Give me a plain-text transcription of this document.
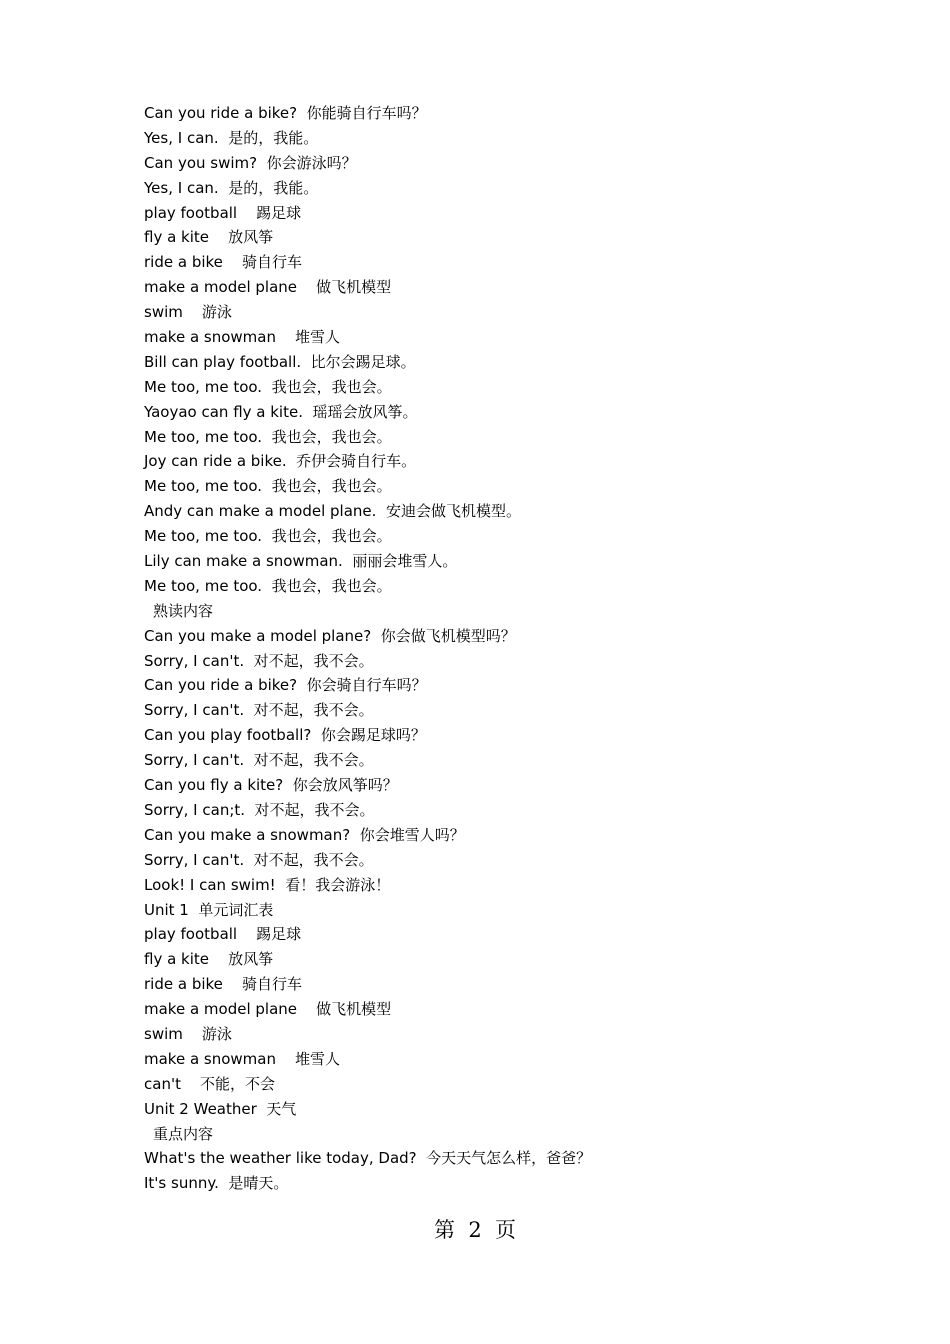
Can you ride a bike?  你能骑自行车吗？
Yes, I can.  是的，我能。
Can you swim?  你会游泳吗？
Yes, I can.  是的，我能。
play football    踢足球
fly a kite    放风筝
ride a bike    骑自行车
make a model plane    做飞机模型
swim    游泳
make a snowman    堆雪人
Bill can play football.  比尔会踢足球。
Me too, me too.  我也会，我也会。
Yaoyao can fly a kite.  瑶瑶会放风筝。
Me too, me too.  我也会，我也会。
Joy can ride a bike.  乔伊会骑自行车。
Me too, me too.  我也会，我也会。
Andy can make a model plane.  安迪会做飞机模型。
Me too, me too.  我也会，我也会。
Lily can make a snowman.  丽丽会堆雪人。
Me too, me too.  我也会，我也会。
熟读内容
Can you make a model plane?  你会做飞机模型吗？
Sorry, I can't.  对不起，我不会。
Can you ride a bike?  你会骑自行车吗？
Sorry, I can't.  对不起，我不会。
Can you play football?  你会踢足球吗？
Sorry, I can't.  对不起，我不会。
Can you fly a kite?  你会放风筝吗？
Sorry, I can;t.  对不起，我不会。
Can you make a snowman?  你会堆雪人吗？
Sorry, I can't.  对不起，我不会。
Look! I can swim!  看！我会游泳！
Unit 1  单元词汇表
play football    踢足球
fly a kite    放风筝
ride a bike    骑自行车
make a model plane    做飞机模型
swim    游泳
make a snowman    堆雪人
can't    不能，不会
Unit 2 Weather  天气
重点内容
What's the weather like today, Dad?  今天天气怎么样，爸爸？
It's sunny.  是晴天。
第  2  页
